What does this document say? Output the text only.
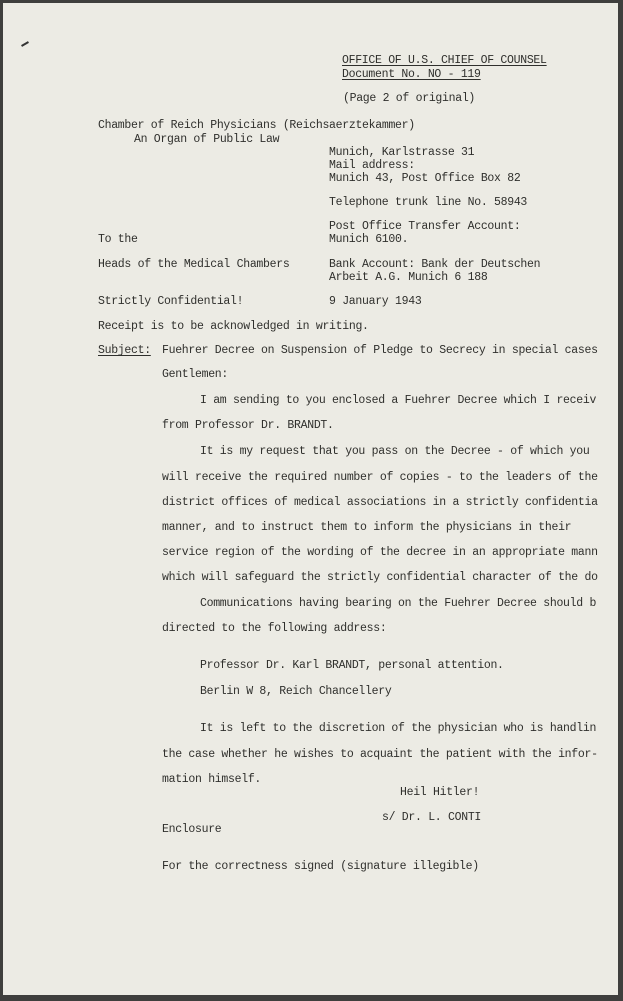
OFFICE OF U.S. CHIEF OF COUNSEL
Document No. NO - 119
(Page 2 of original)
Chamber of Reich Physicians (Reichsaerztekammer)
An Organ of Public Law
Munich, Karlstrasse 31
Mail address:
Munich 43, Post Office Box 82
Telephone trunk line No. 58943
Post Office Transfer Account:
Munich 6100.
To the
Heads of the Medical Chambers	Bank Account: Bank der Deutschen
Arbeit A.G. Munich 6 188
Strictly Confidential!	9 January 1943
Receipt is to be acknowledged in writing.
Subject: Fuehrer Decree on Suspension of Pledge to Secrecy in special cases
Gentlemen:
I am sending to you enclosed a Fuehrer Decree which I receiv
from Professor Dr. BRANDT.
It is my request that you pass on the Decree - of which you
will receive the required number of copies - to the leaders of the
district offices of medical associations in a strictly confidentia
manner, and to instruct them to inform the physicians in their
service region of the wording of the decree in an appropriate mann
which will safeguard the strictly confidential character of the do
Communications having bearing on the Fuehrer Decree should b
directed to the following address:
Professor Dr. Karl BRANDT, personal attention.
Berlin W 8, Reich Chancellery
It is left to the discretion of the physician who is handlin
the case whether he wishes to acquaint the patient with the infor-
mation himself.
Heil Hitler!
s/ Dr. L. CONTI
Enclosure
For the correctness signed (signature illegible)
